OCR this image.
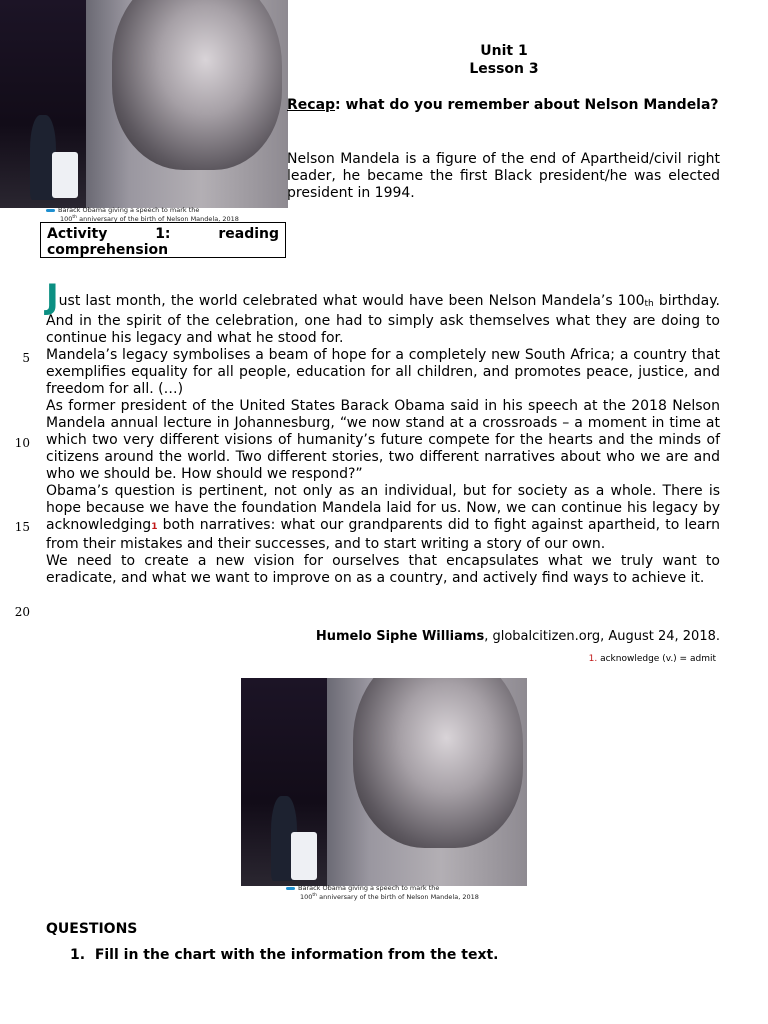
Barack Obama giving a speech to mark the
100th anniversary of the birth of Nelson Mandela, 2018
Unit 1
Lesson 3
Recap: what do you remember about Nelson Mandela?
Nelson Mandela is a figure of the end of Apartheid/civil right leader, he became the first Black president/he was elected president in 1994.
Activity	1:	reading
comprehension

Just last month, the world celebrated what would have been Nelson Mandela’s 100th birthday. And in the spirit of the celebration, one had to simply ask themselves what they are doing to continue his legacy and what he stood for.

Mandela’s legacy symbolises a beam of hope for a completely new South Africa; a country that exemplifies equality for all people, education for all children, and promotes peace, justice, and freedom for all. (…)

As former president of the United States Barack Obama said in his speech at the 2018 Nelson Mandela annual lecture in Johannesburg, “we now stand at a crossroads – a moment in time at which two very different visions of humanity’s future compete for the hearts and the minds of citizens around the world. Two different stories, two different narratives about who we are and who we should be. How should we respond?”

Obama’s question is pertinent, not only as an individual, but for society as a whole. There is hope because we have the foundation Mandela laid for us. Now, we can continue his legacy by acknowledging1 both narratives: what our grandparents did to fight against apartheid, to learn from their mistakes and their successes, and to start writing a story of our own.

We need to create a new vision for ourselves that encapsulates what we truly want to eradicate, and what we want to improve on as a country, and actively find ways to achieve it.

5
10
15
20
Humelo Siphe Williams, globalcitizen.org, August 24, 2018.
1. acknowledge (v.) = admit
Barack Obama giving a speech to mark the
100th anniversary of the birth of Nelson Mandela, 2018
QUESTIONS
1. Fill in the chart with the information from the text.
